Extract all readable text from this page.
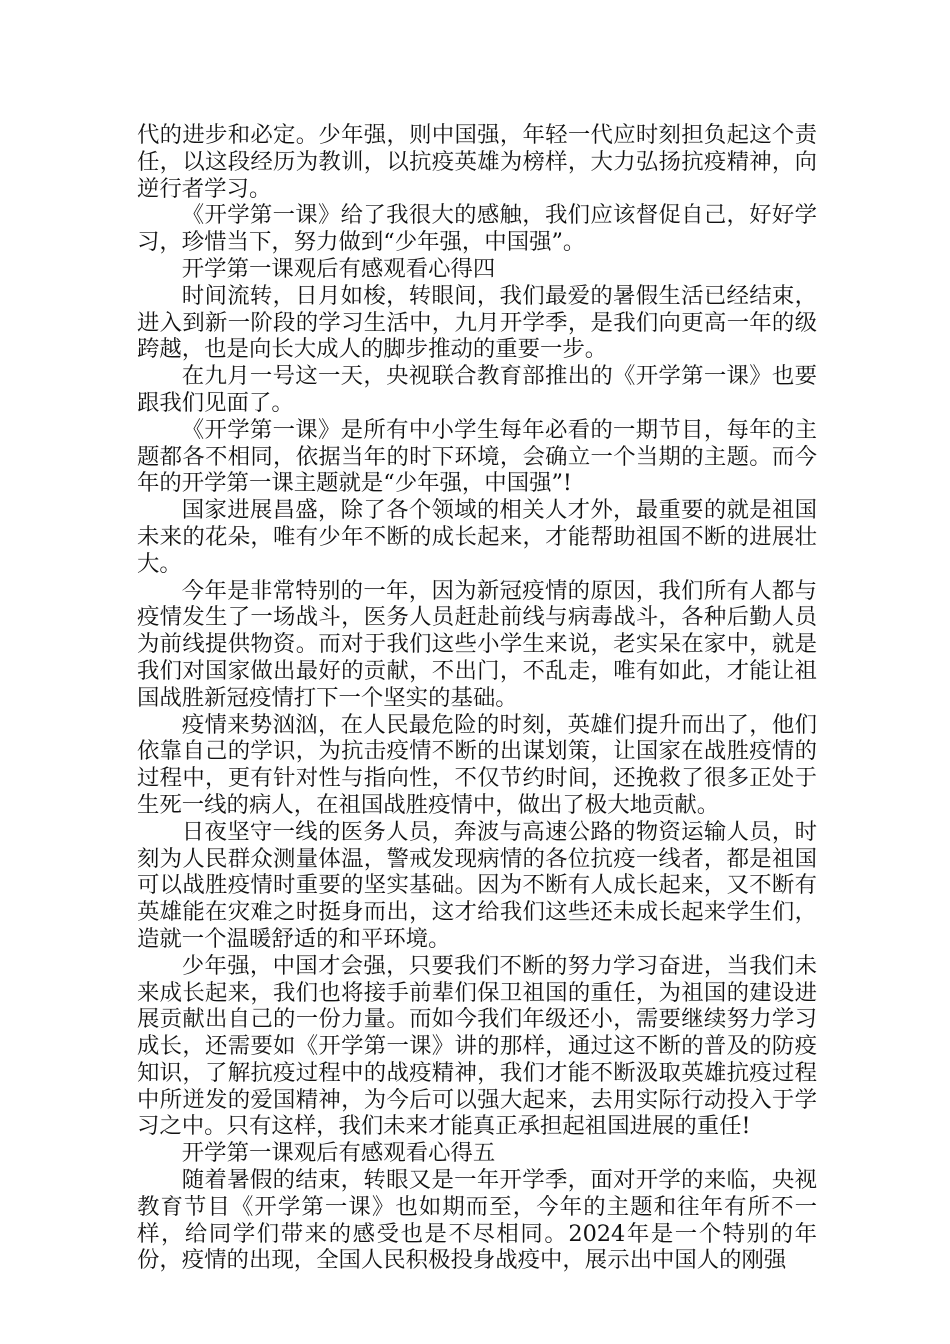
代的进步和必定。少年强，则中国强，年轻一代应时刻担负起这个责任，以这段经历为教训，以抗疫英雄为榜样，大力弘扬抗疫精神，向逆行者学习。

《开学第一课》给了我很大的感触，我们应该督促自己，好好学习，珍惜当下，努力做到“少年强，中国强”。

开学第一课观后有感观看心得四

时间流转，日月如梭，转眼间，我们最爱的暑假生活已经结束，进入到新一阶段的学习生活中，九月开学季，是我们向更高一年的级跨越，也是向长大成人的脚步推动的重要一步。

在九月一号这一天，央视联合教育部推出的《开学第一课》也要跟我们见面了。

《开学第一课》是所有中小学生每年必看的一期节目，每年的主题都各不相同，依据当年的时下环境，会确立一个当期的主题。而今年的开学第一课主题就是“少年强，中国强”!

国家进展昌盛，除了各个领域的相关人才外，最重要的就是祖国未来的花朵，唯有少年不断的成长起来，才能帮助祖国不断的进展壮大。

今年是非常特别的一年，因为新冠疫情的原因，我们所有人都与疫情发生了一场战斗，医务人员赶赴前线与病毒战斗，各种后勤人员为前线提供物资。而对于我们这些小学生来说，老实呆在家中，就是我们对国家做出最好的贡献，不出门，不乱走，唯有如此，才能让祖国战胜新冠疫情打下一个坚实的基础。

疫情来势汹汹，在人民最危险的时刻，英雄们提升而出了，他们依靠自己的学识，为抗击疫情不断的出谋划策，让国家在战胜疫情的过程中，更有针对性与指向性，不仅节约时间，还挽救了很多正处于生死一线的病人，在祖国战胜疫情中，做出了极大地贡献。

日夜坚守一线的医务人员，奔波与高速公路的物资运输人员，时刻为人民群众测量体温，警戒发现病情的各位抗疫一线者，都是祖国可以战胜疫情时重要的坚实基础。因为不断有人成长起来，又不断有英雄能在灾难之时挺身而出，这才给我们这些还未成长起来学生们，造就一个温暖舒适的和平环境。

少年强，中国才会强，只要我们不断的努力学习奋进，当我们未来成长起来，我们也将接手前辈们保卫祖国的重任，为祖国的建设进展贡献出自己的一份力量。而如今我们年级还小，需要继续努力学习成长，还需要如《开学第一课》讲的那样，通过这不断的普及的防疫知识，了解抗疫过程中的战疫精神，我们才能不断汲取英雄抗疫过程中所迸发的爱国精神，为今后可以强大起来，去用实际行动投入于学习之中。只有这样，我们未来才能真正承担起祖国进展的重任!

开学第一课观后有感观看心得五

随着暑假的结束，转眼又是一年开学季，面对开学的来临，央视教育节目《开学第一课》也如期而至，今年的主题和往年有所不一样，给同学们带来的感受也是不尽相同。2024年是一个特别的年份，疫情的出现，全国人民积极投身战疫中，展示出中国人的刚强
